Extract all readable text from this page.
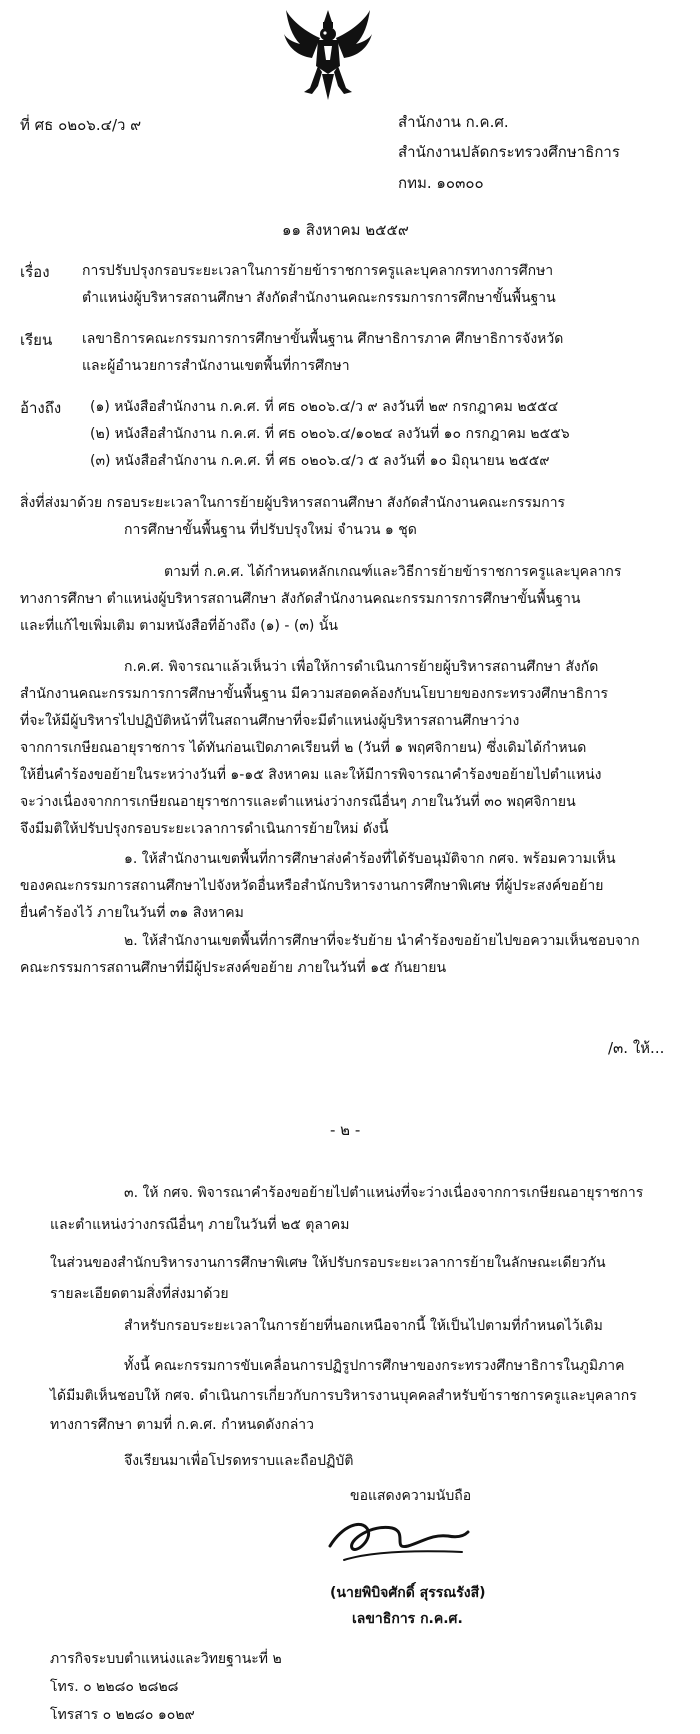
ที่ ศธ ๐๒๐๖.๔/ว ๙	สำนักงาน ก.ค.ศ.
สำนักงานปลัดกระทรวงศึกษาธิการ
กทม. ๑๐๓๐๐
๑๑ สิงหาคม ๒๕๕๙
เรื่อง การปรับปรุงกรอบระยะเวลาในการย้ายข้าราชการครูและบุคลากรทางการศึกษา
ตำแหน่งผู้บริหารสถานศึกษา สังกัดสำนักงานคณะกรรมการการศึกษาขั้นพื้นฐาน
เรียน เลขาธิการคณะกรรมการการศึกษาขั้นพื้นฐาน ศึกษาธิการภาค ศึกษาธิการจังหวัด
และผู้อำนวยการสำนักงานเขตพื้นที่การศึกษา
อ้างถึง (๑) หนังสือสำนักงาน ก.ค.ศ. ที่ ศธ ๐๒๐๖.๔/ว ๙ ลงวันที่ ๒๙ กรกฎาคม ๒๕๕๔
(๒) หนังสือสำนักงาน ก.ค.ศ. ที่ ศธ ๐๒๐๖.๔/๑๐๒๔ ลงวันที่ ๑๐ กรกฎาคม ๒๕๕๖
(๓) หนังสือสำนักงาน ก.ค.ศ. ที่ ศธ ๐๒๐๖.๔/ว ๕ ลงวันที่ ๑๐ มิถุนายน ๒๕๕๙
สิ่งที่ส่งมาด้วย กรอบระยะเวลาในการย้ายผู้บริหารสถานศึกษา สังกัดสำนักงานคณะกรรมการ
การศึกษาขั้นพื้นฐาน ที่ปรับปรุงใหม่ จำนวน ๑ ชุด
ตามที่ ก.ค.ศ. ได้กำหนดหลักเกณฑ์และวิธีการย้ายข้าราชการครูและบุคลากร
ทางการศึกษา ตำแหน่งผู้บริหารสถานศึกษา สังกัดสำนักงานคณะกรรมการการศึกษาขั้นพื้นฐาน
และที่แก้ไขเพิ่มเติม ตามหนังสือที่อ้างถึง (๑) - (๓) นั้น
ก.ค.ศ. พิจารณาแล้วเห็นว่า เพื่อให้การดำเนินการย้ายผู้บริหารสถานศึกษา สังกัด
สำนักงานคณะกรรมการการศึกษาขั้นพื้นฐาน มีความสอดคล้องกับนโยบายของกระทรวงศึกษาธิการ
ที่จะให้มีผู้บริหารไปปฏิบัติหน้าที่ในสถานศึกษาที่จะมีตำแหน่งผู้บริหารสถานศึกษาว่าง
จากการเกษียณอายุราชการ ได้ทันก่อนเปิดภาคเรียนที่ ๒ (วันที่ ๑ พฤศจิกายน) ซึ่งเดิมได้กำหนด
ให้ยื่นคำร้องขอย้ายในระหว่างวันที่ ๑-๑๕ สิงหาคม และให้มีการพิจารณาคำร้องขอย้ายไปตำแหน่ง
จะว่างเนื่องจากการเกษียณอายุราชการและตำแหน่งว่างกรณีอื่นๆ ภายในวันที่ ๓๐ พฤศจิกายน
จึงมีมติให้ปรับปรุงกรอบระยะเวลาการดำเนินการย้ายใหม่ ดังนี้
๑. ให้สำนักงานเขตพื้นที่การศึกษาส่งคำร้องที่ได้รับอนุมัติจาก กศจ. พร้อมความเห็น
ของคณะกรรมการสถานศึกษาไปจังหวัดอื่นหรือสำนักบริหารงานการศึกษาพิเศษ ที่ผู้ประสงค์ขอย้าย
ยื่นคำร้องไว้ ภายในวันที่ ๓๑ สิงหาคม
๒. ให้สำนักงานเขตพื้นที่การศึกษาที่จะรับย้าย นำคำร้องขอย้ายไปขอความเห็นชอบจาก
คณะกรรมการสถานศึกษาที่มีผู้ประสงค์ขอย้าย ภายในวันที่ ๑๕ กันยายน
/๓. ให้...
- ๒ -
๓. ให้ กศจ. พิจารณาคำร้องขอย้ายไปตำแหน่งที่จะว่างเนื่องจากการเกษียณอายุราชการ
และตำแหน่งว่างกรณีอื่นๆ ภายในวันที่ ๒๕ ตุลาคม
ในส่วนของสำนักบริหารงานการศึกษาพิเศษ ให้ปรับกรอบระยะเวลาการย้ายในลักษณะเดียวกัน
รายละเอียดตามสิ่งที่ส่งมาด้วย
สำหรับกรอบระยะเวลาในการย้ายที่นอกเหนือจากนี้ ให้เป็นไปตามที่กำหนดไว้เดิม
ทั้งนี้ คณะกรรมการขับเคลื่อนการปฏิรูปการศึกษาของกระทรวงศึกษาธิการในภูมิภาค
ได้มีมติเห็นชอบให้ กศจ. ดำเนินการเกี่ยวกับการบริหารงานบุคคลสำหรับข้าราชการครูและบุคลากร
ทางการศึกษา ตามที่ ก.ค.ศ. กำหนดดังกล่าว
จึงเรียนมาเพื่อโปรดทราบและถือปฏิบัติ
ขอแสดงความนับถือ
(นายพิบิจศักดิ์ สุรรณรังสี)
เลขาธิการ ก.ค.ศ.
ภารกิจระบบตำแหน่งและวิทยฐานะที่ ๒
โทร. ๐ ๒๒๘๐ ๒๘๒๘
โทรสาร ๐ ๒๒๘๐ ๑๐๒๙
